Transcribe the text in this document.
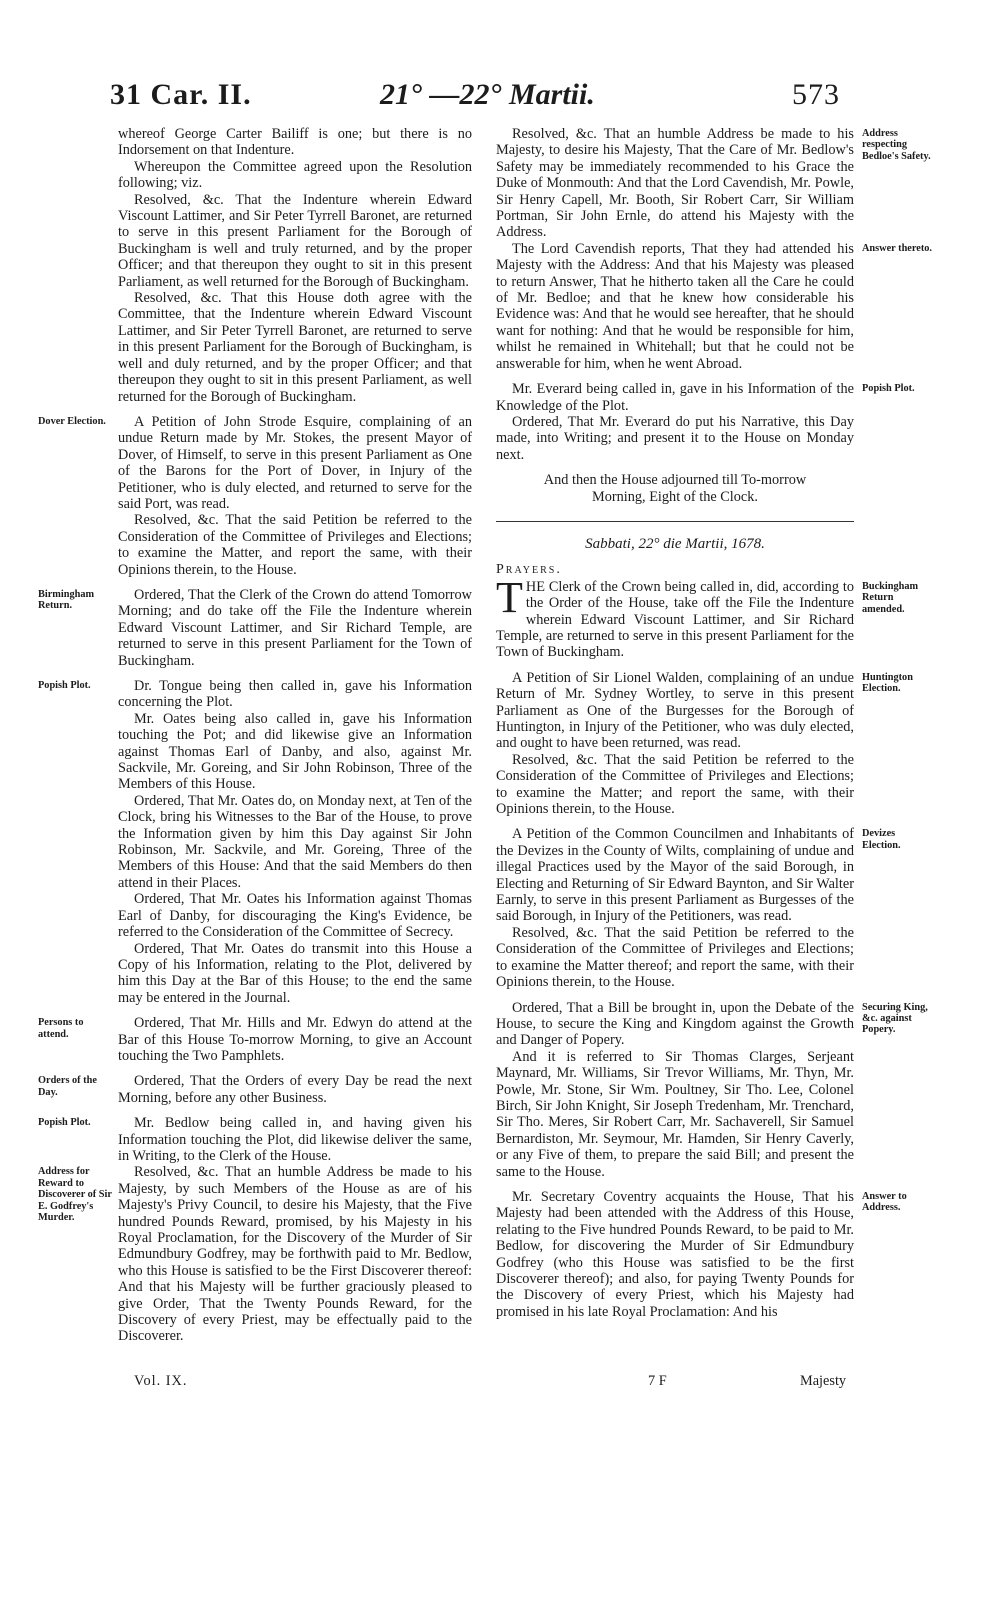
31 Car. II.	21° —22° Martii.	573

whereof George Carter Bailiff is one; but there is no Indorsement on that Indenture.

Whereupon the Committee agreed upon the Resolution following; viz.

Resolved, &c. That the Indenture wherein Edward Viscount Lattimer, and Sir Peter Tyrrell Baronet, are returned to serve in this present Parliament for the Borough of Buckingham is well and truly returned, and by the proper Officer; and that thereupon they ought to sit in this present Parliament, as well returned for the Borough of Buckingham.

Resolved, &c. That this House doth agree with the Committee, that the Indenture wherein Edward Viscount Lattimer, and Sir Peter Tyrrell Baronet, are returned to serve in this present Parliament for the Borough of Buckingham, is well and duly returned, and by the proper Officer; and that thereupon they ought to sit in this present Parliament, as well returned for the Borough of Buckingham.

Dover Election.	A Petition of John Strode Esquire, complaining of an undue Return made by Mr. Stokes, the present Mayor of Dover, of Himself, to serve in this present Parliament as One of the Barons for the Port of Dover, in Injury of the Petitioner, who is duly elected, and returned to serve for the said Port, was read.

Resolved, &c. That the said Petition be referred to the Consideration of the Committee of Privileges and Elections; to examine the Matter, and report the same, with their Opinions therein, to the House.

Birmingham Return.

Ordered, That the Clerk of the Crown do attend Tomorrow Morning; and do take off the File the Indenture wherein Edward Viscount Lattimer, and Sir Richard Temple, are returned to serve in this present Parliament for the Town of Buckingham.

Popish Plot.	Dr. Tongue being then called in, gave his Information concerning the Plot.

Mr. Oates being also called in, gave his Information touching the Pot; and did likewise give an Information against Thomas Earl of Danby, and also, against Mr. Sackvile, Mr. Goreing, and Sir John Robinson, Three of the Members of this House.

Ordered, That Mr. Oates do, on Monday next, at Ten of the Clock, bring his Witnesses to the Bar of the House, to prove the Information given by him this Day against Sir John Robinson, Mr. Sackvile, and Mr. Goreing, Three of the Members of this House: And that the said Members do then attend in their Places.

Ordered, That Mr. Oates his Information against Thomas Earl of Danby, for discouraging the King's Evidence, be referred to the Consideration of the Committee of Secrecy.

Ordered, That Mr. Oates do transmit into this House a Copy of his Information, relating to the Plot, delivered by him this Day at the Bar of this House; to the end the same may be entered in the Journal.

Persons to attend.

Ordered, That Mr. Hills and Mr. Edwyn do attend at the Bar of this House To-morrow Morning, to give an Account touching the Two Pamphlets.

Orders of the Day.

Ordered, That the Orders of every Day be read the next Morning, before any other Business.

Popish Plot.	Mr. Bedlow being called in, and having given his Information touching the Plot, did likewise deliver the same, in Writing, to the Clerk of the House.

Address for Reward to Discoverer of Sir E. Godfrey's Murder.

Resolved, &c. That an humble Address be made to his Majesty, by such Members of the House as are of his Majesty's Privy Council, to desire his Majesty, that the Five hundred Pounds Reward, promised, by his Majesty in his Royal Proclamation, for the Discovery of the Murder of Sir Edmundbury Godfrey, may be forthwith paid to Mr. Bedlow, who this House is satisfied to be the First Discoverer thereof: And that his Majesty will be further graciously pleased to give Order, That the Twenty Pounds Reward, for the Discovery of every Priest, may be effectually paid to the Discoverer.

Address respecting Bedloe's Safety.

Resolved, &c. That an humble Address be made to his Majesty, to desire his Majesty, That the Care of Mr. Bedlow's Safety may be immediately recommended to his Grace the Duke of Monmouth: And that the Lord Cavendish, Mr. Powle, Sir Henry Capell, Mr. Booth, Sir Robert Carr, Sir William Portman, Sir John Ernle, do attend his Majesty with the Address.

Answer thereto.

The Lord Cavendish reports, That they had attended his Majesty with the Address: And that his Majesty was pleased to return Answer, That he hitherto taken all the Care he could of Mr. Bedloe; and that he knew how considerable his Evidence was: And that he would see hereafter, that he should want for nothing: And that he would be responsible for him, whilst he remained in Whitehall; but that he could not be answerable for him, when he went Abroad.

Popish Plot.

Mr. Everard being called in, gave in his Information of the Knowledge of the Plot.

Ordered, That Mr. Everard do put his Narrative, this Day made, into Writing; and present it to the House on Monday next.

And then the House adjourned till To-morrow Morning, Eight of the Clock.

Sabbati, 22° die Martii, 1678.

Prayers.

Buckingham Return amended.

THE Clerk of the Crown being called in, did, according to the Order of the House, take off the File the Indenture wherein Edward Viscount Lattimer, and Sir Richard Temple, are returned to serve in this present Parliament for the Town of Buckingham.

Huntington Election.

A Petition of Sir Lionel Walden, complaining of an undue Return of Mr. Sydney Wortley, to serve in this present Parliament as One of the Burgesses for the Borough of Huntington, in Injury of the Petitioner, who was duly elected, and ought to have been returned, was read.

Resolved, &c. That the said Petition be referred to the Consideration of the Committee of Privileges and Elections; to examine the Matter; and report the same, with their Opinions therein, to the House.

Devizes Election.

A Petition of the Common Councilmen and Inhabitants of the Devizes in the County of Wilts, complaining of undue and illegal Practices used by the Mayor of the said Borough, in Electing and Returning of Sir Edward Baynton, and Sir Walter Earnly, to serve in this present Parliament as Burgesses of the said Borough, in Injury of the Petitioners, was read.

Resolved, &c. That the said Petition be referred to the Consideration of the Committee of Privileges and Elections; to examine the Matter thereof; and report the same, with their Opinions therein, to the House.

Securing King, &c. against Popery.

Ordered, That a Bill be brought in, upon the Debate of the House, to secure the King and Kingdom against the Growth and Danger of Popery.

And it is referred to Sir Thomas Clarges, Serjeant Maynard, Mr. Williams, Sir Trevor Williams, Mr. Thyn, Mr. Powle, Mr. Stone, Sir Wm. Poultney, Sir Tho. Lee, Colonel Birch, Sir John Knight, Sir Joseph Tredenham, Mr. Trenchard, Sir Tho. Meres, Sir Robert Carr, Mr. Sachaverell, Sir Samuel Bernardiston, Mr. Seymour, Mr. Hamden, Sir Henry Caverly, or any Five of them, to prepare the said Bill; and present the same to the House.

Answer to Address.

Mr. Secretary Coventry acquaints the House, That his Majesty had been attended with the Address of this House, relating to the Five hundred Pounds Reward, to be paid to Mr. Bedlow, for discovering the Murder of Sir Edmundbury Godfrey (who this House was satisfied to be the first Discoverer thereof); and also, for paying Twenty Pounds for the Discovery of every Priest, which his Majesty had promised in his late Royal Proclamation: And his

Vol. IX.	7 F	Majesty
